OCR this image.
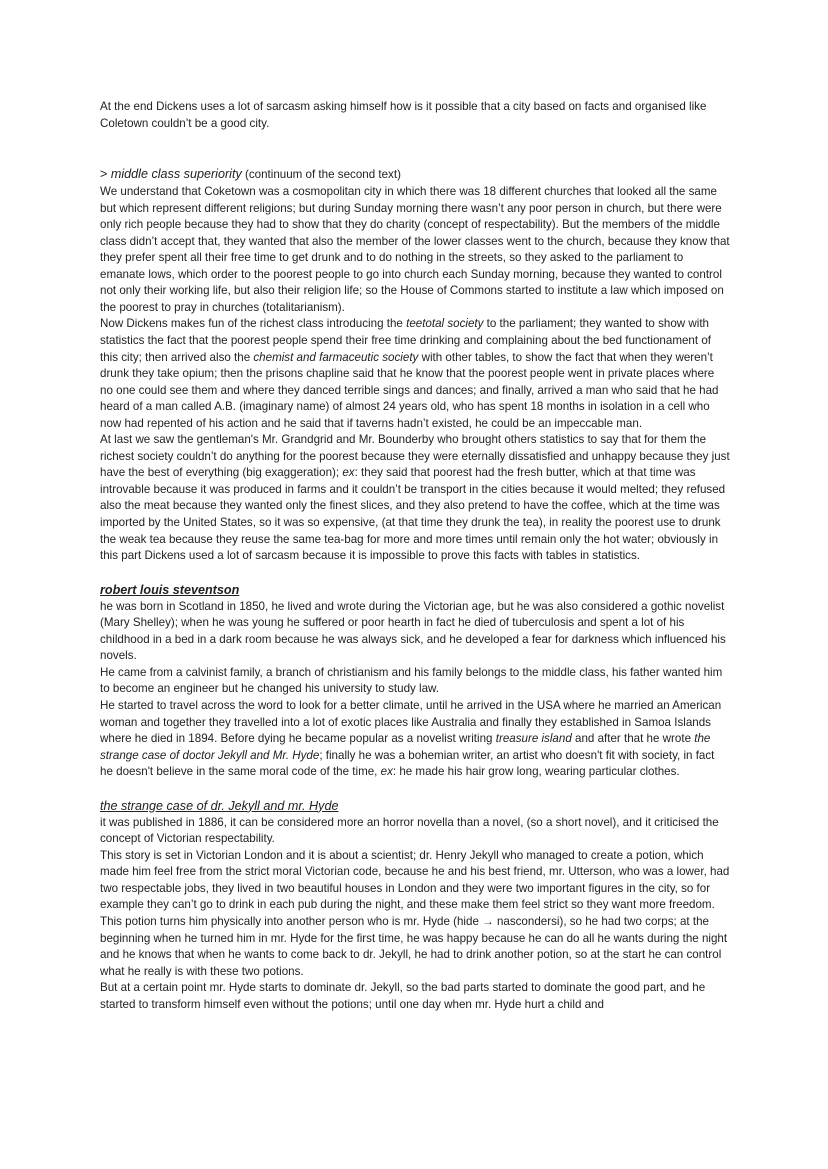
At the end Dickens uses a lot of sarcasm asking himself how is it possible that a city based on facts and organised like Coletown couldn’t be a good city.

> middle class superiority (continuum of the second text)

We understand that Coketown was a cosmopolitan city in which there was 18 different churches that looked all the same but which represent different religions; but during Sunday morning there wasn’t any poor person in church, but there were only rich people because they had to show that they do charity (concept of respectability). But the members of the middle class didn’t accept that, they wanted that also the member of the lower classes went to the church, because they know that they prefer spent all their free time to get drunk and to do nothing in the streets, so they asked to the parliament to emanate lows, which order to the poorest people to go into church each Sunday morning, because they wanted to control not only their working life, but also their religion life; so the House of Commons started to institute a law which imposed on the poorest to pray in churches (totalitarianism).

Now Dickens makes fun of the richest class introducing the teetotal society to the parliament; they wanted to show with statistics the fact that the poorest people spend their free time drinking and complaining about the bed functionament of this city; then arrived also the chemist and farmaceutic society with other tables, to show the fact that when they weren’t drunk they take opium; then the prisons chapline said that he know that the poorest people went in private places where no one could see them and where they danced terrible sings and dances; and finally, arrived a man who said that he had heard of a man called A.B. (imaginary name) of almost 24 years old, who has spent 18 months in isolation in a cell who now had repented of his action and he said that if taverns hadn’t existed, he could be an impeccable man.

At last we saw the gentleman's Mr. Grandgrid and Mr. Bounderby who brought others statistics to say that for them the richest society couldn’t do anything for the poorest because they were eternally dissatisfied and unhappy because they just have the best of everything (big exaggeration); ex: they said that poorest had the fresh butter, which at that time was introvable because it was produced in farms and it couldn’t be transport in the cities because it would melted; they refused also the meat because they wanted only the finest slices, and they also pretend to have the coffee, which at the time was imported by the United States, so it was so expensive, (at that time they drunk the tea), in reality the poorest use to drunk the weak tea because they reuse the same tea-bag for more and more times until remain only the hot water; obviously in this part Dickens used a lot of sarcasm because it is impossible to prove this facts with tables in statistics.

robert louis steventson

he was born in Scotland in 1850, he lived and wrote during the Victorian age, but he was also considered a gothic novelist (Mary Shelley); when he was young he suffered or poor hearth in fact he died of tuberculosis and spent a lot of his childhood in a bed in a dark room because he was always sick, and he developed a fear for darkness which influenced his novels.

He came from a calvinist family, a branch of christianism and his family belongs to the middle class, his father wanted him to become an engineer but he changed his university to study law.

He started to travel across the word to look for a better climate, until he arrived in the USA where he married an American woman and together they travelled into a lot of exotic places like Australia and finally they established in Samoa Islands where he died in 1894. Before dying he became popular as a novelist writing treasure island and after that he wrote the strange case of doctor Jekyll and Mr. Hyde; finally he was a bohemian writer, an artist who doesn't fit with society, in fact he doesn't believe in the same moral code of the time, ex: he made his hair grow long, wearing particular clothes.

the strange case of dr. Jekyll and mr. Hyde

it was published in 1886, it can be considered more an horror novella than a novel, (so a short novel), and it criticised the concept of Victorian respectability.

This story is set in Victorian London and it is about a scientist; dr. Henry Jekyll who managed to create a potion, which made him feel free from the strict moral Victorian code, because he and his best friend, mr. Utterson, who was a lower, had two respectable jobs, they lived in two beautiful houses in London and they were two important figures in the city, so for example they can’t go to drink in each pub during the night, and these make them feel strict so they want more freedom. This potion turns him physically into another person who is mr. Hyde (hide → nascondersi), so he had two corps; at the beginning when he turned him in mr. Hyde for the first time, he was happy because he can do all he wants during the night and he knows that when he wants to come back to dr. Jekyll, he had to drink another potion, so at the start he can control what he really is with these two potions.

But at a certain point mr. Hyde starts to dominate dr. Jekyll, so the bad parts started to dominate the good part, and he started to transform himself even without the potions; until one day when mr. Hyde hurt a child and
